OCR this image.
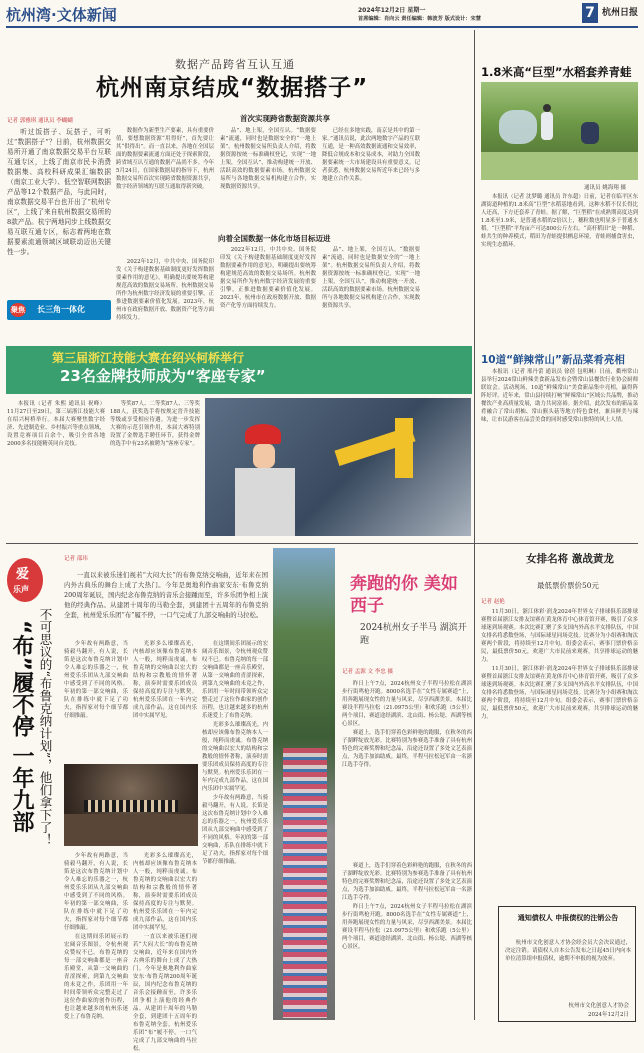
杭州湾·文体新闻	2024年12月2日 星期一
首席编辑：肖向云 责任编辑：韩波芳 版式设计：宋慧	7 杭州日报
数据产品跨省互认互通
杭州南京结成“数据搭子”
记者 郭雅琪 通讯员 李蝴蝴

听过饭搭子、玩搭子，可听过“数据搭子”？日前，杭州数据交易所开通了南京数据交易平台互联互通专区，上线了南京市民卡消费数据集、高校科研成果汇编数据（南京工业大学）、低空智联网数据产品等12个数据产品，与此同时，南京数据交易平台也开出了“杭州专区”，上线了来自杭州数据交易所的8款产品。杭宁两地同步上线数据交易互联互通专区，标志着两地在数据要素流通领域区域联动迈出关键性一步。

聚焦 长三角一体化

数据作为新型生产要素，具有重要价值，要想数据资源“用得好”，首先要让其“供得出”。而一直以来，各地在全国层面的数据要素流通方面还处于探索阶段，跨省域互认互通的数据产品尚不多。今年5月24日，在国家数据局的指导下，杭州数据交易所首次实现跨省数据资源共享，数字经济领域的互联互通取得新突破。

首次实现跨省数据资源共享

2022年12月，中共中央、国务院印发《关于构建数据基础制度更好发挥数据要素作用的意见》，明确提出要统筹构建规范高效的数据交易场所。杭州数据交易所作为杭州数字经济发展的重要引擎，正推进数据要素价值化发展。2023年，杭州市在政府数据开放、数据资产化等方面持续发力。

品”、地上架，全国互认。“数据要素”流通，同时也是数据安全的“一地上架”。杭州数据交易所负责人介绍，将数据资源按统一标准确权登记，实现“一地上架，全国互认”，推动构建统一开放、活跃高效的数据要素市场。杭州数据交易所与各地数据交易机构建立合作，实现数据资源共享。

向着全国数据一体化市场目标迈进

2022年12月，中共中央、国务院印发《关于构建数据基础制度更好发挥数据要素作用的意见》，明确提出要统筹构建规范高效的数据交易场所。杭州数据交易所作为杭州数字经济发展的重要引擎，正推进数据要素价值化发展。2023年，杭州市在政府数据开放、数据资产化等方面持续发力。

已经在多地实践，南京是其中的第一家。”通讯员说，此次两地数字产品的互联互通，是一种高效数据流通和交易效率，降低合规成本和交易成本，对助力全国数据要素统一大市场建设具有重要意义。记者获悉，杭州数据交易所近年来已经与多地建立合作关系。

品”、地上架，全国互认。“数据要素”流通，同时也是数据安全的“一地上架”。杭州数据交易所负责人介绍，将数据资源按统一标准确权登记，实现“一地上架，全国互认”，推动构建统一开放、活跃高效的数据要素市场。杭州数据交易所与各地数据交易机构建立合作，实现数据资源共享。

1.8米高“巨型”水稻套养青蛙
通讯员 姚海翔 摄

本报讯（记者 沈梦璐 通讯员 许东超）日前，记者在临平区东湖街道种植的1.8米高“巨型”水稻基地看到，这种水稻不仅长得比人还高，下方还套养了青蛙。据了解，“巨型稻”在成熟期高度达到1.8米至1.9米，是普通水稻的2倍以上，穗粒数也明显多于普通水稻。“巨型稻”平均亩产可达800公斤左右。“高杆稻田”是一种稻、蛙共生的种养模式，稻田为青蛙提供栖息环境，青蛙则捕食害虫，实现生态循环。

10道“鲜辣常山”新品菜肴亮相

本报讯（记者 邢丹蕾 通讯员 徐蓓 包明琳）日前，衢州常山县举行2024常山鲜辣美食新品发布会暨常山县餐饮行业协会厨师联谊会。活动现场，10道“鲜辣常山”美食新品集中亮相，赢得阵阵好评。近年来，常山县持续打响“鲜辣常山”区域公共品牌，推动餐饮产业高质量发展，助力共同富裕。据介绍，此次发布的新品菜肴融合了常山胡柚、常山猴头菇等地方特色食材，兼具鲜美与辣味，让市民游客在品尝美食的同时感受常山独特的风土人情。

第三届浙江技能大赛在绍兴柯桥举行
23名金牌技师成为“客座专家”

本报讯（记者 朱熙 通讯员 祝峰）11月27日至29日，第三届浙江技能大赛在绍兴柯桥举行。本届大赛聚焦数字经济、先进制造业、乡村振兴等重点领域，设置竞赛项目百余个，吸引全省各地2000多名技能精英同台竞技。

等奖87人、二等奖87人、三等奖188人，获奖选手将按规定晋升技能等级或享受相应待遇。为进一步发挥大赛的示范引领作用，本届大赛特别设置了金牌选手聘任环节，获得金牌的选手中有23名被聘为“客座专家”。

爱
乐声
记者 邵玮

一直以来被乐迷们视若“大闷大长”的布鲁克纳交响曲，近年来在国内外古典乐的舞台上成了大热门。今年是奥地利作曲家安东·布鲁克纳200周年诞辰，国内纪念布鲁克纳的音乐会接踵而至，许多乐团争相上演他的经典作品。从建团十周年的马勒全套，到建团十五周年的布鲁克纳全套，杭州爱乐乐团“布”履不停，一口气完成了九部交响曲的马拉松。

不可思议的“布鲁克纳计划”，他们拿下了！
“布”履不停 一年九部	少年故有两路意，当骑毅马翻开，有人说，长笛是这次布鲁克纳计划中令人难忘的乐器之一，杭州爱乐乐团从九部交响曲中感受到了不同的风格。年初的第一部交响曲，乐队在排练中就下足了功夫，指挥家对每个细节都仔细推敲。

光彩多么璀璨高光，内核却应该像布鲁克纳本人一般，纯粹而虔诚。布鲁克纳的交响曲以宏大的结构和宗教般的情怀著称，演奏时需要乐团成员保持高度的专注与默契。杭州爱乐乐团在一年内完成九部作品，这在国内乐团中实属罕见。

在这期间乐团展示的宏阔音乐图景，令杭州观众赞叹不已。布鲁克纳的每一部交响曲都是一座音乐殿堂，从第一交响曲的青涩探索，到第九交响曲的未竟之作，乐团用一年时间带领听众完整走过了这位作曲家的创作历程，也让越来越多的杭州乐迷爱上了布鲁克纳。

光彩多么璀璨高光，内核却应该像布鲁克纳本人一般，纯粹而虔诚。布鲁克纳的交响曲以宏大的结构和宗教般的情怀著称，演奏时需要乐团成员保持高度的专注与默契。杭州爱乐乐团在一年内完成九部作品，这在国内乐团中实属罕见。

少年故有两路意，当骑毅马翻开，有人说，长笛是这次布鲁克纳计划中令人难忘的乐器之一，杭州爱乐乐团从九部交响曲中感受到了不同的风格。年初的第一部交响曲，乐队在排练中就下足了功夫，指挥家对每个细节都仔细推敲。

少年故有两路意，当骑毅马翻开，有人说，长笛是这次布鲁克纳计划中令人难忘的乐器之一，杭州爱乐乐团从九部交响曲中感受到了不同的风格。年初的第一部交响曲，乐队在排练中就下足了功夫，指挥家对每个细节都仔细推敲。

在这期间乐团展示的宏阔音乐图景，令杭州观众赞叹不已。布鲁克纳的每一部交响曲都是一座音乐殿堂，从第一交响曲的青涩探索，到第九交响曲的未竟之作，乐团用一年时间带领听众完整走过了这位作曲家的创作历程，也让越来越多的杭州乐迷爱上了布鲁克纳。

光彩多么璀璨高光，内核却应该像布鲁克纳本人一般，纯粹而虔诚。布鲁克纳的交响曲以宏大的结构和宗教般的情怀著称，演奏时需要乐团成员保持高度的专注与默契。杭州爱乐乐团在一年内完成九部作品，这在国内乐团中实属罕见。

一直以来被乐迷们视若“大闷大长”的布鲁克纳交响曲，近年来在国内外古典乐的舞台上成了大热门。今年是奥地利作曲家安东·布鲁克纳200周年诞辰，国内纪念布鲁克纳的音乐会接踵而至，许多乐团争相上演他的经典作品。从建团十周年的马勒全套，到建团十五周年的布鲁克纳全套，杭州爱乐乐团“布”履不停，一口气完成了九部交响曲的马拉松。

奔跑的你 美如西子
2024杭州女子半马 湖滨开跑
记者 孟源 文 李忠 摄

昨日上午7点，2024杭州女子半程马拉松在湖滨步行街鸣枪开跑。8000名选手在“女性专属赛道”上，用奔跑展现女性的力量与风采，尽享西湖美景。本届比赛设半程马拉松（21.0975公里）和欢乐跑（5公里）两个项目，赛道途经湖滨、北山街、杨公堤、西湖等核心景区。

赛道上，选手们穿着色彩鲜艳的跑服，在秋冬的西子湖畔绽放光彩。比赛特别为参赛选手准备了具有杭州特色的完赛奖牌和纪念品，沿途还设置了多处文艺表演点，为选手加油助威。最终，半程马拉松冠军由一名浙江选手夺得。

赛道上，选手们穿着色彩鲜艳的跑服，在秋冬的西子湖畔绽放光彩。比赛特别为参赛选手准备了具有杭州特色的完赛奖牌和纪念品，沿途还设置了多处文艺表演点，为选手加油助威。最终，半程马拉松冠军由一名浙江选手夺得。

昨日上午7点，2024杭州女子半程马拉松在湖滨步行街鸣枪开跑。8000名选手在“女性专属赛道”上，用奔跑展现女性的力量与风采，尽享西湖美景。本届比赛设半程马拉松（21.0975公里）和欢乐跑（5公里）两个项目，赛道途经湖滨、北山街、杨公堤、西湖等核心景区。

女排名将 激战黄龙
最低票价票价50元
记者 赵艳

11月30日，浙江体彩·润龙2024年世界女子排球俱乐部排球赛暨首届浙江女排友谊赛在黄龙体育中心体育馆开赛，吸引了众多球迷到场观赛。本次比赛汇聚了多支国内外高水平女排队伍，中国女排名将悉数登场，与国际球星同场竞技。比赛分为小组赛和淘汰赛两个阶段，将持续至12月中旬。组委会表示，赛事门票价格亲民，最低票价50元，欢迎广大市民前来观赛，共享排球运动的魅力。

11月30日，浙江体彩·润龙2024年世界女子排球俱乐部排球赛暨首届浙江女排友谊赛在黄龙体育中心体育馆开赛，吸引了众多球迷到场观赛。本次比赛汇聚了多支国内外高水平女排队伍，中国女排名将悉数登场，与国际球星同场竞技。比赛分为小组赛和淘汰赛两个阶段，将持续至12月中旬。组委会表示，赛事门票价格亲民，最低票价50元，欢迎广大市民前来观赛，共享排球运动的魅力。

通知债权人 申报债权的注销公告

杭州市文化创意人才协会经会员大会决议通过，决定注销。请债权人自本公告发布之日起45日内向本单位清算组申报债权，逾期不申报的视为放弃。

杭州市文化创意人才协会
2024年12月2日
